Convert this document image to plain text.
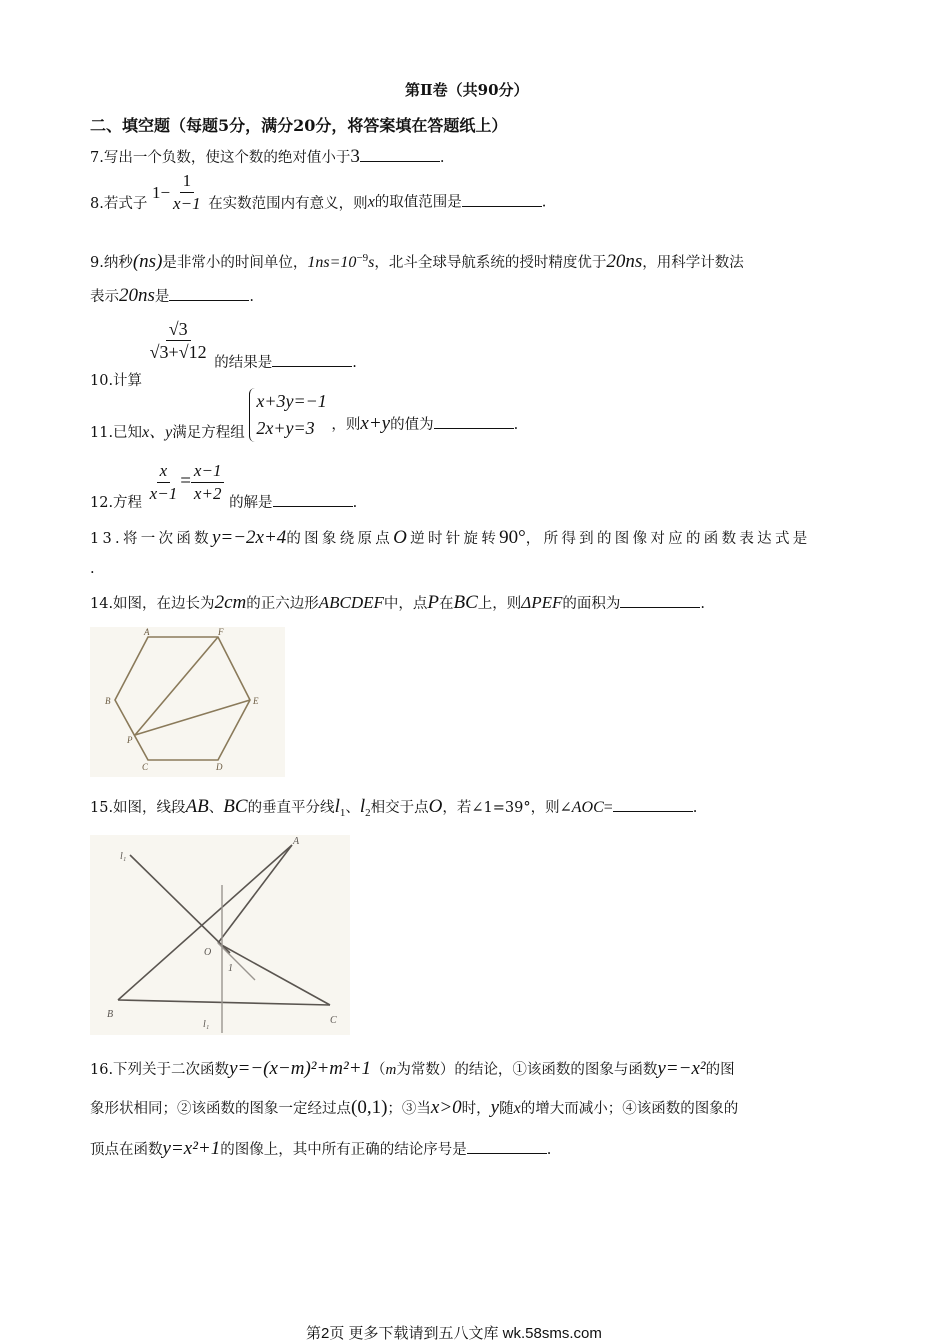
第Ⅱ卷（共90分）
二、填空题（每题5分，满分20分，将答案填在答题纸上）
7.写出一个负数，使这个数的绝对值小于3	.
8.若式子
$1- \frac{1}{x-1}$ 在实数范围内有意义，则x的取值范围是	.
9.纳秒(ns)是非常小的时间单位，$1ns=10^{-9}s$，北斗全球导航系统的授时精度优于20ns，用科学计数法
表示20ns是	.
10.计算
$\frac{√3}{√3+√12}$ 的结果是	.
11.已知x、y满足方程组
x+3y=−1
2x+y=3	，则x+y的值为	.
12.方程 $\frac{x}{x-1} = \frac{x-1}{x+2}$ 的解是	.
13.将一次函数y=−2x+4的图象绕原点O逆时针旋转90°，所得到的图像对应的函数表达式是
.
14.如图，在边长为2cm的正六边形ABCDEF中，点P在BC上，则ΔPEF的面积为	.
A	F
B	E
P
C	D
15.如图，线段AB、BC的垂直平分线$l_1$、$l_2$相交于点O，若∠1=39°，则∠AOC=	.
l₁
A
O
1
B
l₁	C
16.下列关于二次函数y=−(x−m)²+m²+1（m为常数）的结论，①该函数的图象与函数y=−x²的图
象形状相同；②该函数的图象一定经过点(0,1)；③当x>0时，y随x的增大而减小；④该函数的图象的
顶点在函数y=x²+1的图像上，其中所有正确的结论序号是	.
第2页 更多下载请到五八文库 wk.58sms.com
